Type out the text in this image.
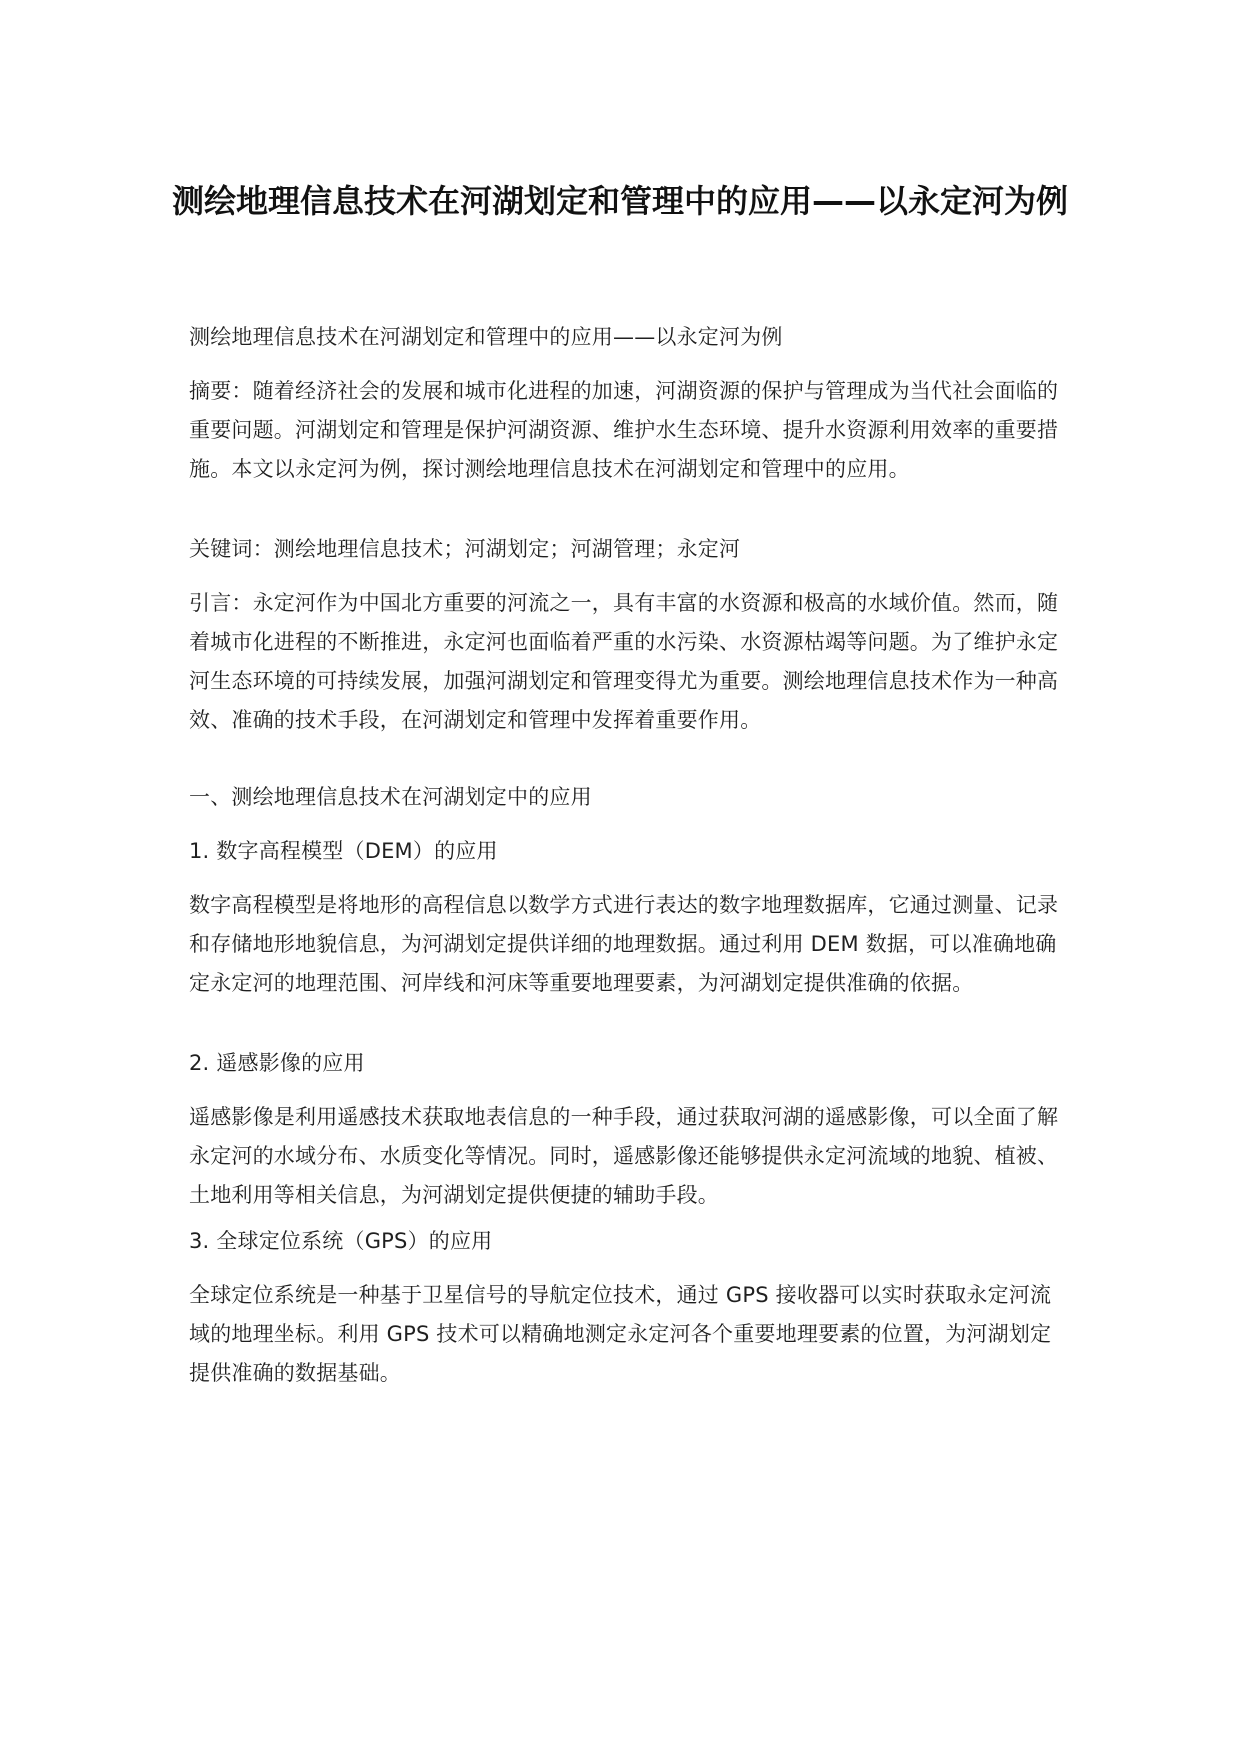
测绘地理信息技术在河湖划定和管理中的应用——以永定河为例

测绘地理信息技术在河湖划定和管理中的应用——以永定河为例

摘要：随着经济社会的发展和城市化进程的加速，河湖资源的保护与管理成为当代社会面临的重要问题。河湖划定和管理是保护河湖资源、维护水生态环境、提升水资源利用效率的重要措施。本文以永定河为例，探讨测绘地理信息技术在河湖划定和管理中的应用。

关键词：测绘地理信息技术；河湖划定；河湖管理；永定河

引言：永定河作为中国北方重要的河流之一，具有丰富的水资源和极高的水域价值。然而，随着城市化进程的不断推进，永定河也面临着严重的水污染、水资源枯竭等问题。为了维护永定河生态环境的可持续发展，加强河湖划定和管理变得尤为重要。测绘地理信息技术作为一种高效、准确的技术手段，在河湖划定和管理中发挥着重要作用。

一、测绘地理信息技术在河湖划定中的应用

1. 数字高程模型（DEM）的应用

数字高程模型是将地形的高程信息以数学方式进行表达的数字地理数据库，它通过测量、记录和存储地形地貌信息，为河湖划定提供详细的地理数据。通过利用 DEM 数据，可以准确地确定永定河的地理范围、河岸线和河床等重要地理要素，为河湖划定提供准确的依据。

2. 遥感影像的应用

遥感影像是利用遥感技术获取地表信息的一种手段，通过获取河湖的遥感影像，可以全面了解永定河的水域分布、水质变化等情况。同时，遥感影像还能够提供永定河流域的地貌、植被、土地利用等相关信息，为河湖划定提供便捷的辅助手段。

3. 全球定位系统（GPS）的应用

全球定位系统是一种基于卫星信号的导航定位技术，通过 GPS 接收器可以实时获取永定河流域的地理坐标。利用 GPS 技术可以精确地测定永定河各个重要地理要素的位置，为河湖划定提供准确的数据基础。
